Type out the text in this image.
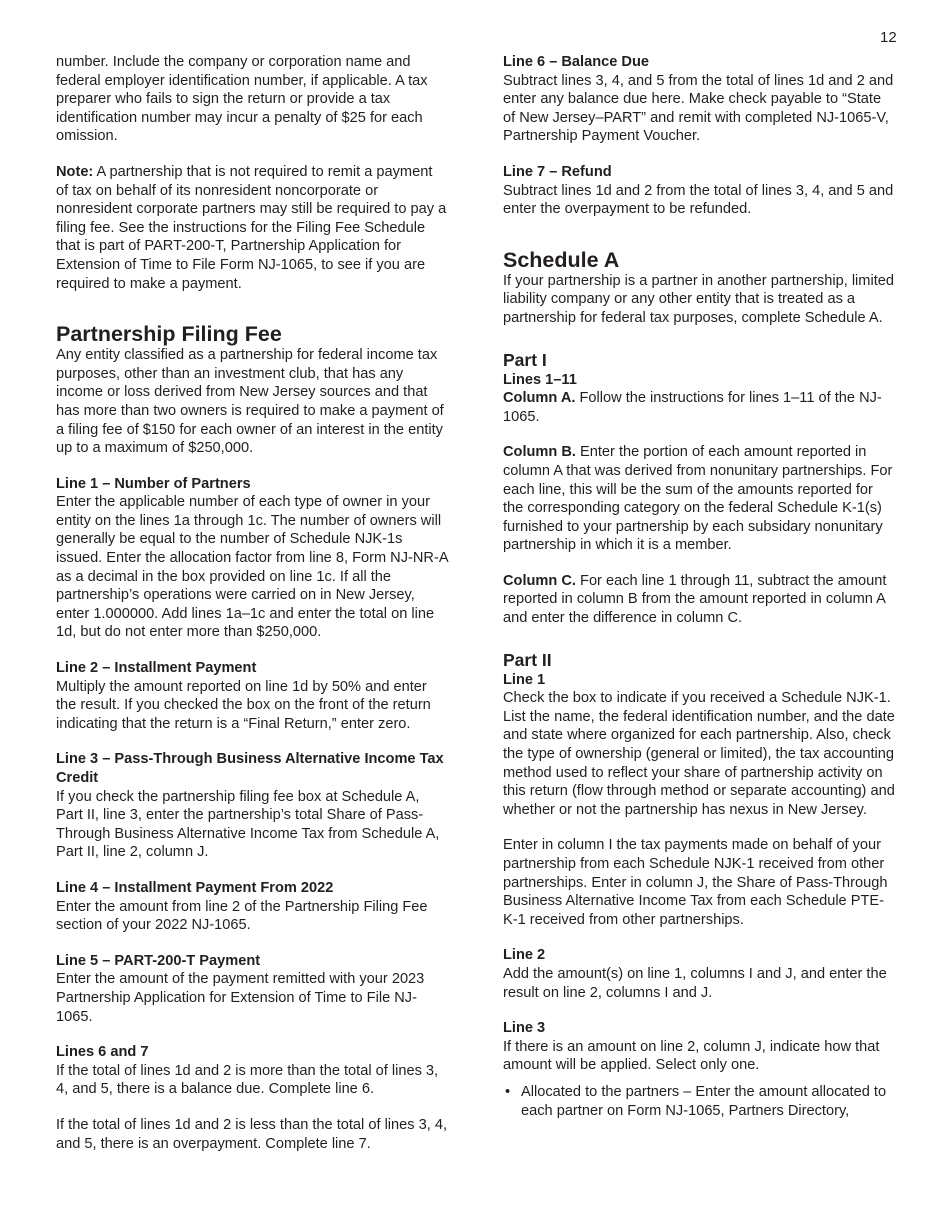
12

number. Include the company or corporation name and federal employer identification number, if applicable. A tax preparer who fails to sign the return or provide a tax identification number may incur a penalty of $25 for each omission.

Note: A partnership that is not required to remit a payment of tax on behalf of its nonresident noncorporate or nonresident corporate partners may still be required to pay a filing fee. See the instructions for the Filing Fee Schedule that is part of PART-200-T, Partnership Application for Extension of Time to File Form NJ-1065, to see if you are required to make a payment.

Partnership Filing Fee

Any entity classified as a partnership for federal income tax purposes, other than an investment club, that has any income or loss derived from New Jersey sources and that has more than two owners is required to make a payment of a filing fee of $150 for each owner of an interest in the entity up to a maximum of $250,000.

Line 1 – Number of Partners

Enter the applicable number of each type of owner in your entity on the lines 1a through 1c. The number of owners will generally be equal to the number of Schedule NJK-1s issued. Enter the allocation factor from line 8, Form NJ-NR-A as a decimal in the box provided on line 1c. If all the partnership’s operations were carried on in New Jersey, enter 1.000000. Add lines 1a–1c and enter the total on line 1d, but do not enter more than $250,000.

Line 2 – Installment Payment

Multiply the amount reported on line 1d by 50% and enter the result. If you checked the box on the front of the return indicating that the return is a “Final Return,” enter zero.

Line 3 – Pass-Through Business Alternative Income Tax Credit

If you check the partnership filing fee box at Schedule A, Part II, line 3, enter the partnership’s total Share of Pass-Through Business Alternative Income Tax from Schedule A, Part II, line 2, column J.

Line 4 – Installment Payment From 2022

Enter the amount from line 2 of the Partnership Filing Fee section of your 2022 NJ-1065.

Line 5 – PART-200-T Payment

Enter the amount of the payment remitted with your 2023 Partnership Application for Extension of Time to File NJ-1065.

Lines 6 and 7

If the total of lines 1d and 2 is more than the total of lines 3, 4, and 5, there is a balance due. Complete line 6.

If the total of lines 1d and 2 is less than the total of lines 3, 4, and 5, there is an overpayment. Complete line 7.

Line 6 – Balance Due

Subtract lines 3, 4, and 5 from the total of lines 1d and 2 and enter any balance due here. Make check payable to “State of New Jersey–PART” and remit with completed NJ-1065-V, Partnership Payment Voucher.

Line 7 – Refund

Subtract lines 1d and 2 from the total of lines 3, 4, and 5 and enter the overpayment to be refunded.

Schedule A

If your partnership is a partner in another partnership, limited liability company or any other entity that is treated as a partnership for federal tax purposes, complete Schedule A.

Part I
Lines 1–11

Column A. Follow the instructions for lines 1–11 of the NJ-1065.

Column B. Enter the portion of each amount reported in column A that was derived from nonunitary partnerships. For each line, this will be the sum of the amounts reported for the corresponding category on the federal Schedule K-1(s) furnished to your partnership by each subsidary nonunitary partnership in which it is a member.

Column C. For each line 1 through 11, subtract the amount reported in column B from the amount reported in column A and enter the difference in column C.

Part II
Line 1

Check the box to indicate if you received a Schedule NJK-1. List the name, the federal identification number, and the date and state where organized for each partnership. Also, check the type of ownership (general or limited), the tax accounting method used to reflect your share of partnership activity on this return (flow through method or separate accounting) and whether or not the partnership has nexus in New Jersey.

Enter in column I the tax payments made on behalf of your partnership from each Schedule NJK-1 received from other partnerships. Enter in column J, the Share of Pass-Through Business Alternative Income Tax from each Schedule PTE-K-1 received from other partnerships.

Line 2

Add the amount(s) on line 1, columns I and J, and enter the result on line 2, columns I and J.

Line 3

If there is an amount on line 2, column J, indicate how that amount will be applied. Select only one.

• Allocated to the partners – Enter the amount allocated to each partner on Form NJ-1065, Partners Directory,
